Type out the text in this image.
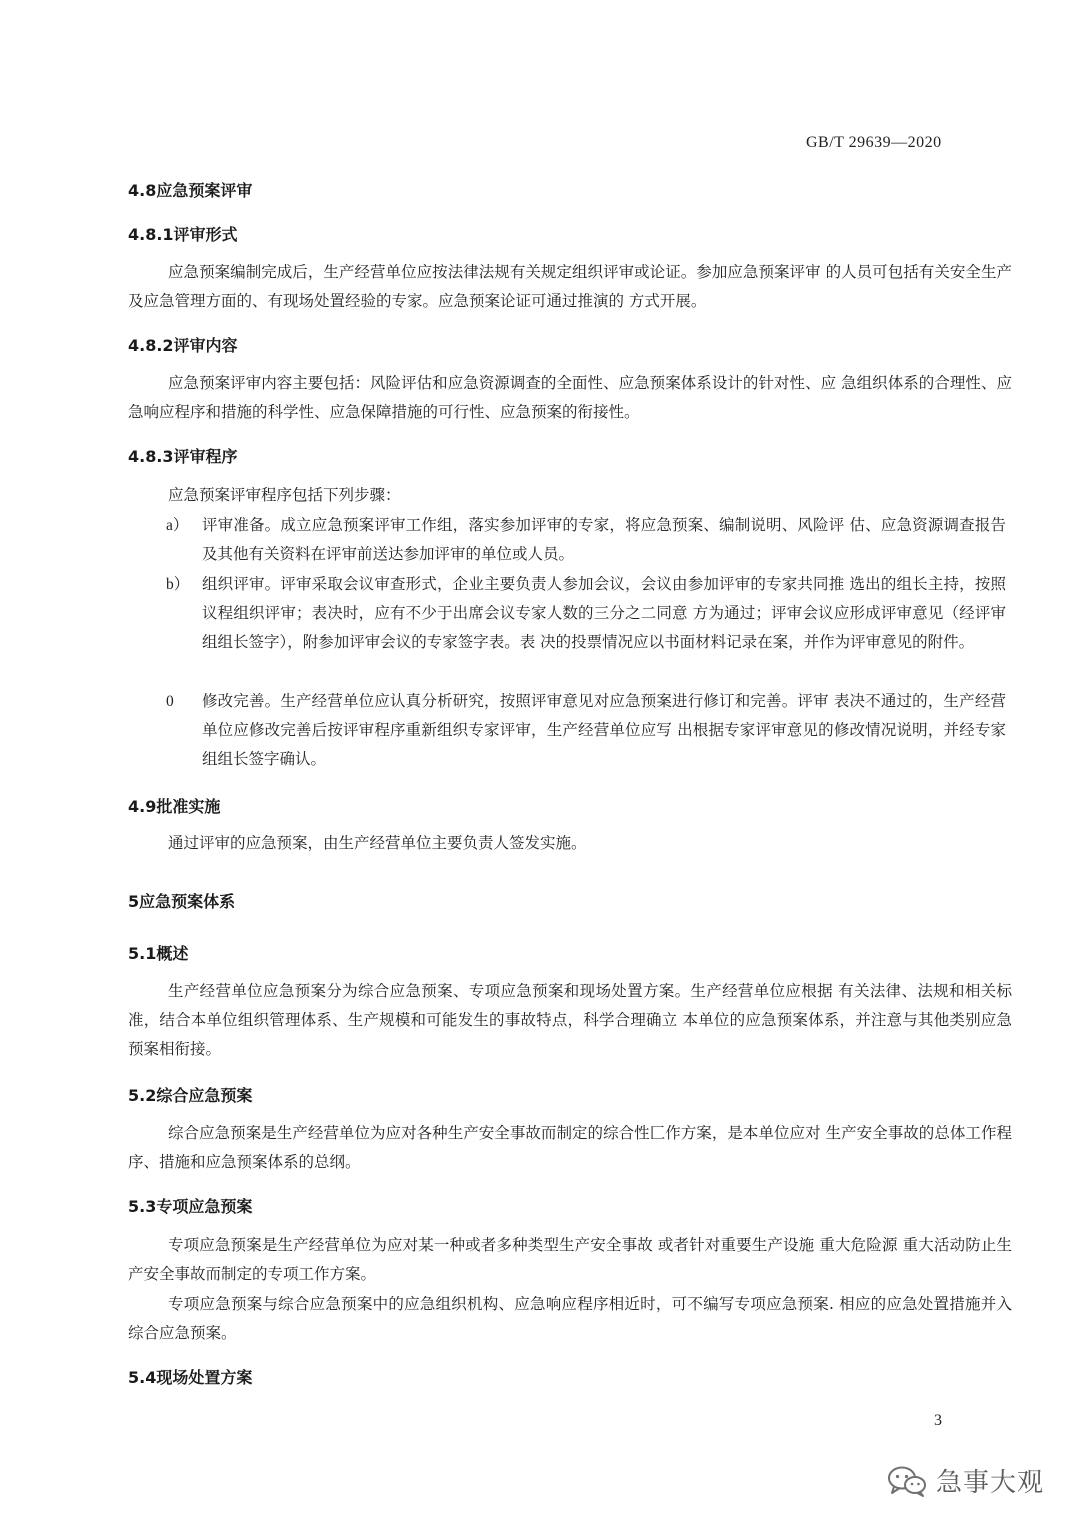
GB/T 29639—2020
4.8应急预案评审
4.8.1评审形式
应急预案编制完成后，生产经营单位应按法律法规有关规定组织评审或论证。参加应急预案评审 的人员可包括有关安全生产及应急管理方面的、有现场处置经验的专家。应急预案论证可通过推演的 方式开展。
4.8.2评审内容
应急预案评审内容主要包括：风险评估和应急资源调查的全面性、应急预案体系设计的针对性、应 急组织体系的合理性、应急响应程序和措施的科学性、应急保障措施的可行性、应急预案的衔接性。
4.8.3评审程序
应急预案评审程序包括下列步骤：
a） 评审准备。成立应急预案评审工作组，落实参加评审的专家，将应急预案、编制说明、风险评 估、应急资源调查报告及其他有关资料在评审前送达参加评审的单位或人员。
b） 组织评审。评审采取会议审查形式，企业主要负责人参加会议，会议由参加评审的专家共同推 选出的组长主持，按照议程组织评审；表决时，应有不少于出席会议专家人数的三分之二同意 方为通过；评审会议应形成评审意见（经评审组组长签字），附参加评审会议的专家签字表。表 决的投票情况应以书面材料记录在案，并作为评审意见的附件。
0	修改完善。生产经营单位应认真分析研究，按照评审意见对应急预案进行修订和完善。评审 表决不通过的，生产经营单位应修改完善后按评审程序重新组织专家评审，生产经营单位应写 出根据专家评审意见的修改情况说明，并经专家组组长签字确认。
4.9批准实施
通过评审的应急预案，由生产经营单位主要负责人签发实施。
5应急预案体系
5.1概述
生产经营单位应急预案分为综合应急预案、专项应急预案和现场处置方案。生产经营单位应根据 有关法律、法规和相关标准，结合本单位组织管理体系、生产规模和可能发生的事故特点，科学合理确立 本单位的应急预案体系，并注意与其他类别应急预案相衔接。
5.2综合应急预案
综合应急预案是生产经营单位为应对各种生产安全事故而制定的综合性匚作方案，是本单位应对 生产安全事故的总体工作程序、措施和应急预案体系的总纲。
5.3专项应急预案
专项应急预案是生产经营单位为应对某一种或者多种类型生产安全事故 或者针对重要生产设施 重大危险源 重大活动防止生产安全事故而制定的专项工作方案。
专项应急预案与综合应急预案中的应急组织机构、应急响应程序相近时，可不编写专项应急预案. 相应的应急处置措施并入综合应急预案。
5.4现场处置方案
3
急事大观
